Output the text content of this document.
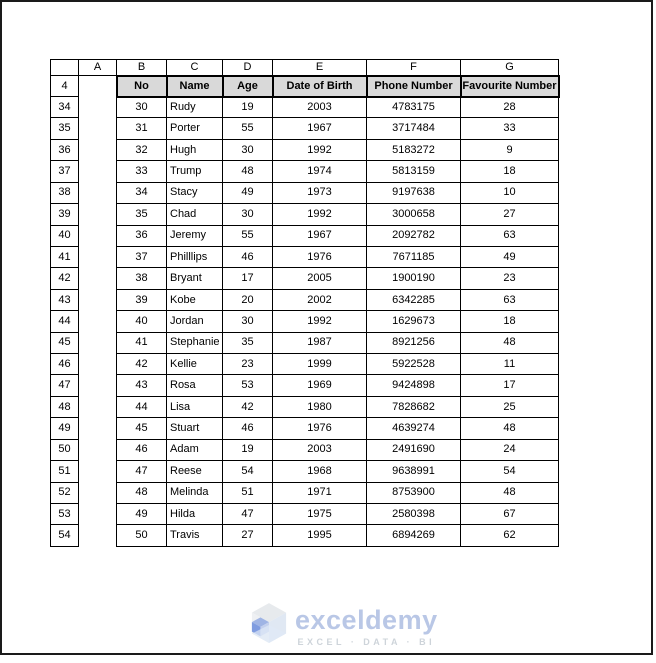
	A	B	C	D	E	F	G
4		No	Name	Age	Date of Birth	Phone Number	Favourite Number
34		30	Rudy	19	2003	4783175	28
35		31	Porter	55	1967	3717484	33
36		32	Hugh	30	1992	5183272	9
37		33	Trump	48	1974	5813159	18
38		34	Stacy	49	1973	9197638	10
39		35	Chad	30	1992	3000658	27
40		36	Jeremy	55	1967	2092782	63
41		37	Philllips	46	1976	7671185	49
42		38	Bryant	17	2005	1900190	23
43		39	Kobe	20	2002	6342285	63
44		40	Jordan	30	1992	1629673	18
45		41	Stephanie	35	1987	8921256	48
46		42	Kellie	23	1999	5922528	11
47		43	Rosa	53	1969	9424898	17
48		44	Lisa	42	1980	7828682	25
49		45	Stuart	46	1976	4639274	48
50		46	Adam	19	2003	2491690	24
51		47	Reese	54	1968	9638991	54
52		48	Melinda	51	1971	8753900	48
53		49	Hilda	47	1975	2580398	67
54		50	Travis	27	1995	6894269	62
exceldemy
EXCEL · DATA · BI
